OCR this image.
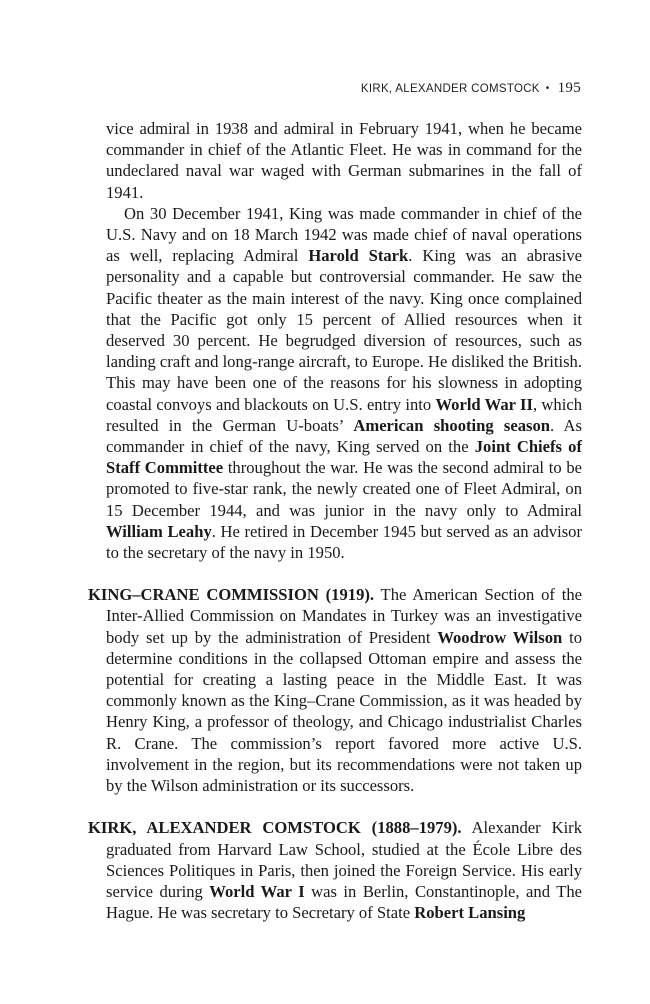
KIRK, ALEXANDER COMSTOCK • 195

vice admiral in 1938 and admiral in February 1941, when he became commander in chief of the Atlantic Fleet. He was in command for the undeclared naval war waged with German submarines in the fall of 1941.

On 30 December 1941, King was made commander in chief of the U.S. Navy and on 18 March 1942 was made chief of naval operations as well, replacing Admiral Harold Stark. King was an abrasive personality and a capable but controversial commander. He saw the Pacific theater as the main interest of the navy. King once complained that the Pacific got only 15 percent of Allied resources when it deserved 30 percent. He begrudged diversion of resources, such as landing craft and long-range aircraft, to Europe. He disliked the British. This may have been one of the reasons for his slowness in adopting coastal convoys and blackouts on U.S. entry into World War II, which resulted in the German U-boats’ American shooting season. As commander in chief of the navy, King served on the Joint Chiefs of Staff Committee throughout the war. He was the second admiral to be promoted to five-star rank, the newly created one of Fleet Admiral, on 15 December 1944, and was junior in the navy only to Admiral William Leahy. He retired in December 1945 but served as an advisor to the secretary of the navy in 1950.

KING–CRANE COMMISSION (1919). The American Section of the Inter-Allied Commission on Mandates in Turkey was an investigative body set up by the administration of President Woodrow Wilson to determine conditions in the collapsed Ottoman empire and assess the potential for creating a lasting peace in the Middle East. It was commonly known as the King–Crane Commission, as it was headed by Henry King, a professor of theology, and Chicago industrialist Charles R. Crane. The commission’s report favored more active U.S. involvement in the region, but its recommendations were not taken up by the Wilson administration or its successors.

KIRK, ALEXANDER COMSTOCK (1888–1979). Alexander Kirk graduated from Harvard Law School, studied at the École Libre des Sciences Politiques in Paris, then joined the Foreign Service. His early service during World War I was in Berlin, Constantinople, and The Hague. He was secretary to Secretary of State Robert Lansing
